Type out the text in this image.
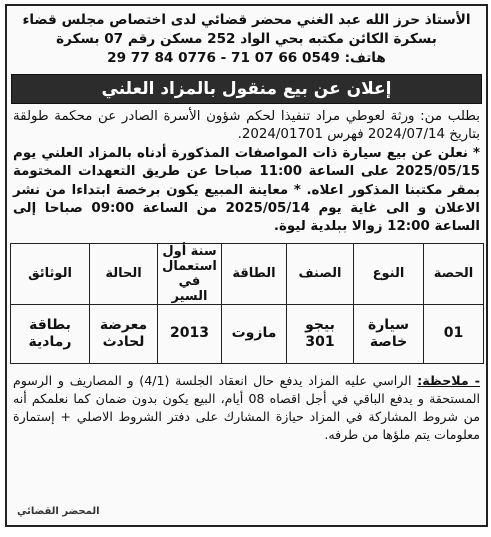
الأستاذ حرز الله عبد الغني محضر قضائي لدى اختصاص مجلس قضاء
بسكرة الكائن مكتبه بحي الواد 252 مسكن رقم 07 بسكرة
هاتف: 29 77 84 0776 - 71 07 66 0549
إعلان عن بيع منقول بالمزاد العلني

بطلب من: ورثة لعوطي مراد تنفيذا لحكم شؤون الأسرة الصادر عن محكمة طولقة بتاريخ 2024/07/14 فهرس 2024/01701.

* نعلن عن بيع سيارة ذات المواصفات المذكورة أدناه بالمزاد العلني يوم 2025/05/15 على الساعة 11:00 صباحا عن طريق التعهدات المختومة بمقر مكتبنا المذكور اعلاه. * معاينة المبيع يكون برخصة ابتداءا من نشر الاعلان و الى غاية يوم 2025/05/14 من الساعة 09:00 صباحا إلى الساعة 12:00 زوالا ببلدية ليوة.

الحصة	النوع	الصنف	الطاقة	سنة أول استعمال في السير	الحالة	الوثائق
01	سيارة خاصة	بيجو 301	مازوت	2013	معرضة لحادث	بطاقة رمادية
- ملاحظة: الراسي عليه المزاد يدفع حال انعقاد الجلسة (4/1) و المصاريف و الرسوم المستحقة و يدفع الباقي في أجل اقصاه 08 أيام، البيع يكون بدون ضمان كما نعلمكم أنه من شروط المشاركة في المزاد حيازة المشارك على دفتر الشروط الاصلي + إستمارة معلومات يتم ملؤها من طرفه.
المحضر القضائي
